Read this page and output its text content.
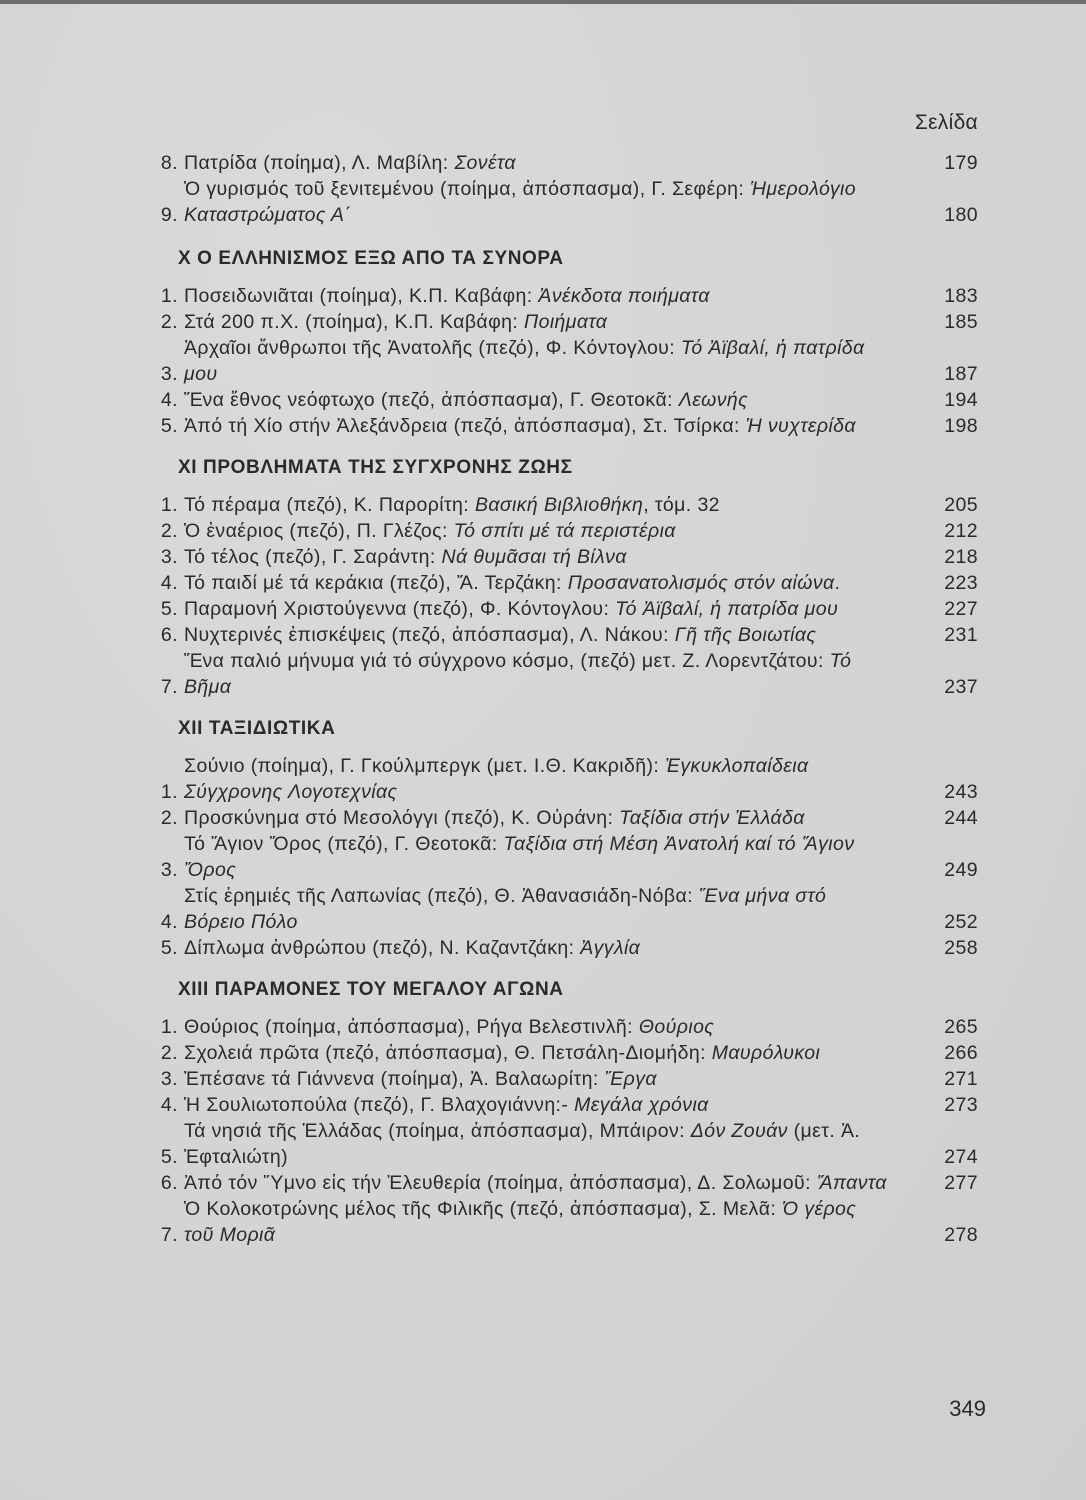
Σελίδα
8. Πατρίδα (ποίημα), Λ. Μαβίλη: Σονέτα	179
9.
Ὁ γυρισμός τοῦ ξενιτεμένου (ποίημα, ἀπόσπασμα), Γ. Σεφέρη: Ἡμερολόγιο Καταστρώματος Α΄	180
X Ο ΕΛΛΗΝΙΣΜΟΣ ΕΞΩ ΑΠΟ ΤΑ ΣΥΝΟΡΑ
1. Ποσειδωνιᾶται (ποίημα), Κ.Π. Καβάφη: Ἀνέκδοτα ποιήματα	183
2. Στά 200 π.Χ. (ποίημα), Κ.Π. Καβάφη: Ποιήματα	185
3.
Ἀρχαῖοι ἄνθρωποι τῆς Ἀνατολῆς (πεζό), Φ. Κόντογλου: Τό Ἀϊβαλί, ἡ πατρίδα μου	187
4. Ἕνα ἔθνος νεόφτωχο (πεζό, ἀπόσπασμα), Γ. Θεοτοκᾶ: Λεωνής	194
5. Ἀπό τή Χίο στήν Ἀλεξάνδρεια (πεζό, ἀπόσπασμα), Στ. Τσίρκα: Ἡ νυχτερίδα	198
XI ΠΡΟΒΛΗΜΑΤΑ ΤΗΣ ΣΥΓΧΡΟΝΗΣ ΖΩΗΣ
1. Τό πέραμα (πεζό), Κ. Παρορίτη: Βασική Βιβλιοθήκη, τόμ. 32	205
2. Ὁ ἐναέριος (πεζό), Π. Γλέζος: Τό σπίτι μέ τά περιστέρια	212
3. Τό τέλος (πεζό), Γ. Σαράντη: Νά θυμᾶσαι τή Βίλνα	218
4. Τό παιδί μέ τά κεράκια (πεζό), Ἄ. Τερζάκη: Προσανατολισμός στόν αἰώνα.	223
5. Παραμονή Χριστούγεννα (πεζό), Φ. Κόντογλου: Τό Ἀϊβαλί, ἡ πατρίδα μου	227
6. Νυχτερινές ἐπισκέψεις (πεζό, ἀπόσπασμα), Λ. Νάκου: Γῆ τῆς Βοιωτίας	231
7.
Ἕνα παλιό μήνυμα γιά τό σύγχρονο κόσμο, (πεζό) μετ. Ζ. Λορεντζάτου: Τό Βῆμα	237
XII ΤΑΞΙΔΙΩΤΙΚΑ
1.
Σούνιο (ποίημα), Γ. Γκούλμπεργκ (μετ. Ι.Θ. Κακριδῆ): Ἐγκυκλοπαίδεια Σύγχρονης Λογοτεχνίας	243
2. Προσκύνημα στό Μεσολόγγι (πεζό), Κ. Οὐράνη: Ταξίδια στήν Ἑλλάδα	244
3.
Τό Ἅγιον Ὄρος (πεζό), Γ. Θεοτοκᾶ: Ταξίδια στή Μέση Ἀνατολή καί τό Ἅγιον Ὄρος	249
4.
Στίς ἐρημιές τῆς Λαπωνίας (πεζό), Θ. Ἀθανασιάδη-Νόβα: Ἕνα μήνα στό Βόρειο Πόλο	252
5. Δίπλωμα ἀνθρώπου (πεζό), Ν. Καζαντζάκη: Ἀγγλία	258
XIII ΠΑΡΑΜΟΝΕΣ ΤΟΥ ΜΕΓΑΛΟΥ ΑΓΩΝΑ
1. Θούριος (ποίημα, ἀπόσπασμα), Ρήγα Βελεστινλῆ: Θούριος	265
2. Σχολειά πρῶτα (πεζό, ἀπόσπασμα), Θ. Πετσάλη-Διομήδη: Μαυρόλυκοι	266
3. Ἐπέσανε τά Γιάννενα (ποίημα), Ἀ. Βαλαωρίτη: Ἔργα	271
4. Ἡ Σουλιωτοπούλα (πεζό), Γ. Βλαχογιάννη:- Μεγάλα χρόνια	273
5.
Τά νησιά τῆς Ἑλλάδας (ποίημα, ἀπόσπασμα), Μπάιρον: Δόν Ζουάν (μετ. Ἀ. Ἐφταλιώτη)	274
6. Ἀπό τόν Ὕμνο εἰς τήν Ἐλευθερία (ποίημα, ἀπόσπασμα), Δ. Σολωμοῦ: Ἅπαντα	277
7.
Ὁ Κολοκοτρώνης μέλος τῆς Φιλικῆς (πεζό, ἀπόσπασμα), Σ. Μελᾶ: Ὁ γέρος τοῦ Μοριᾶ	278
349
